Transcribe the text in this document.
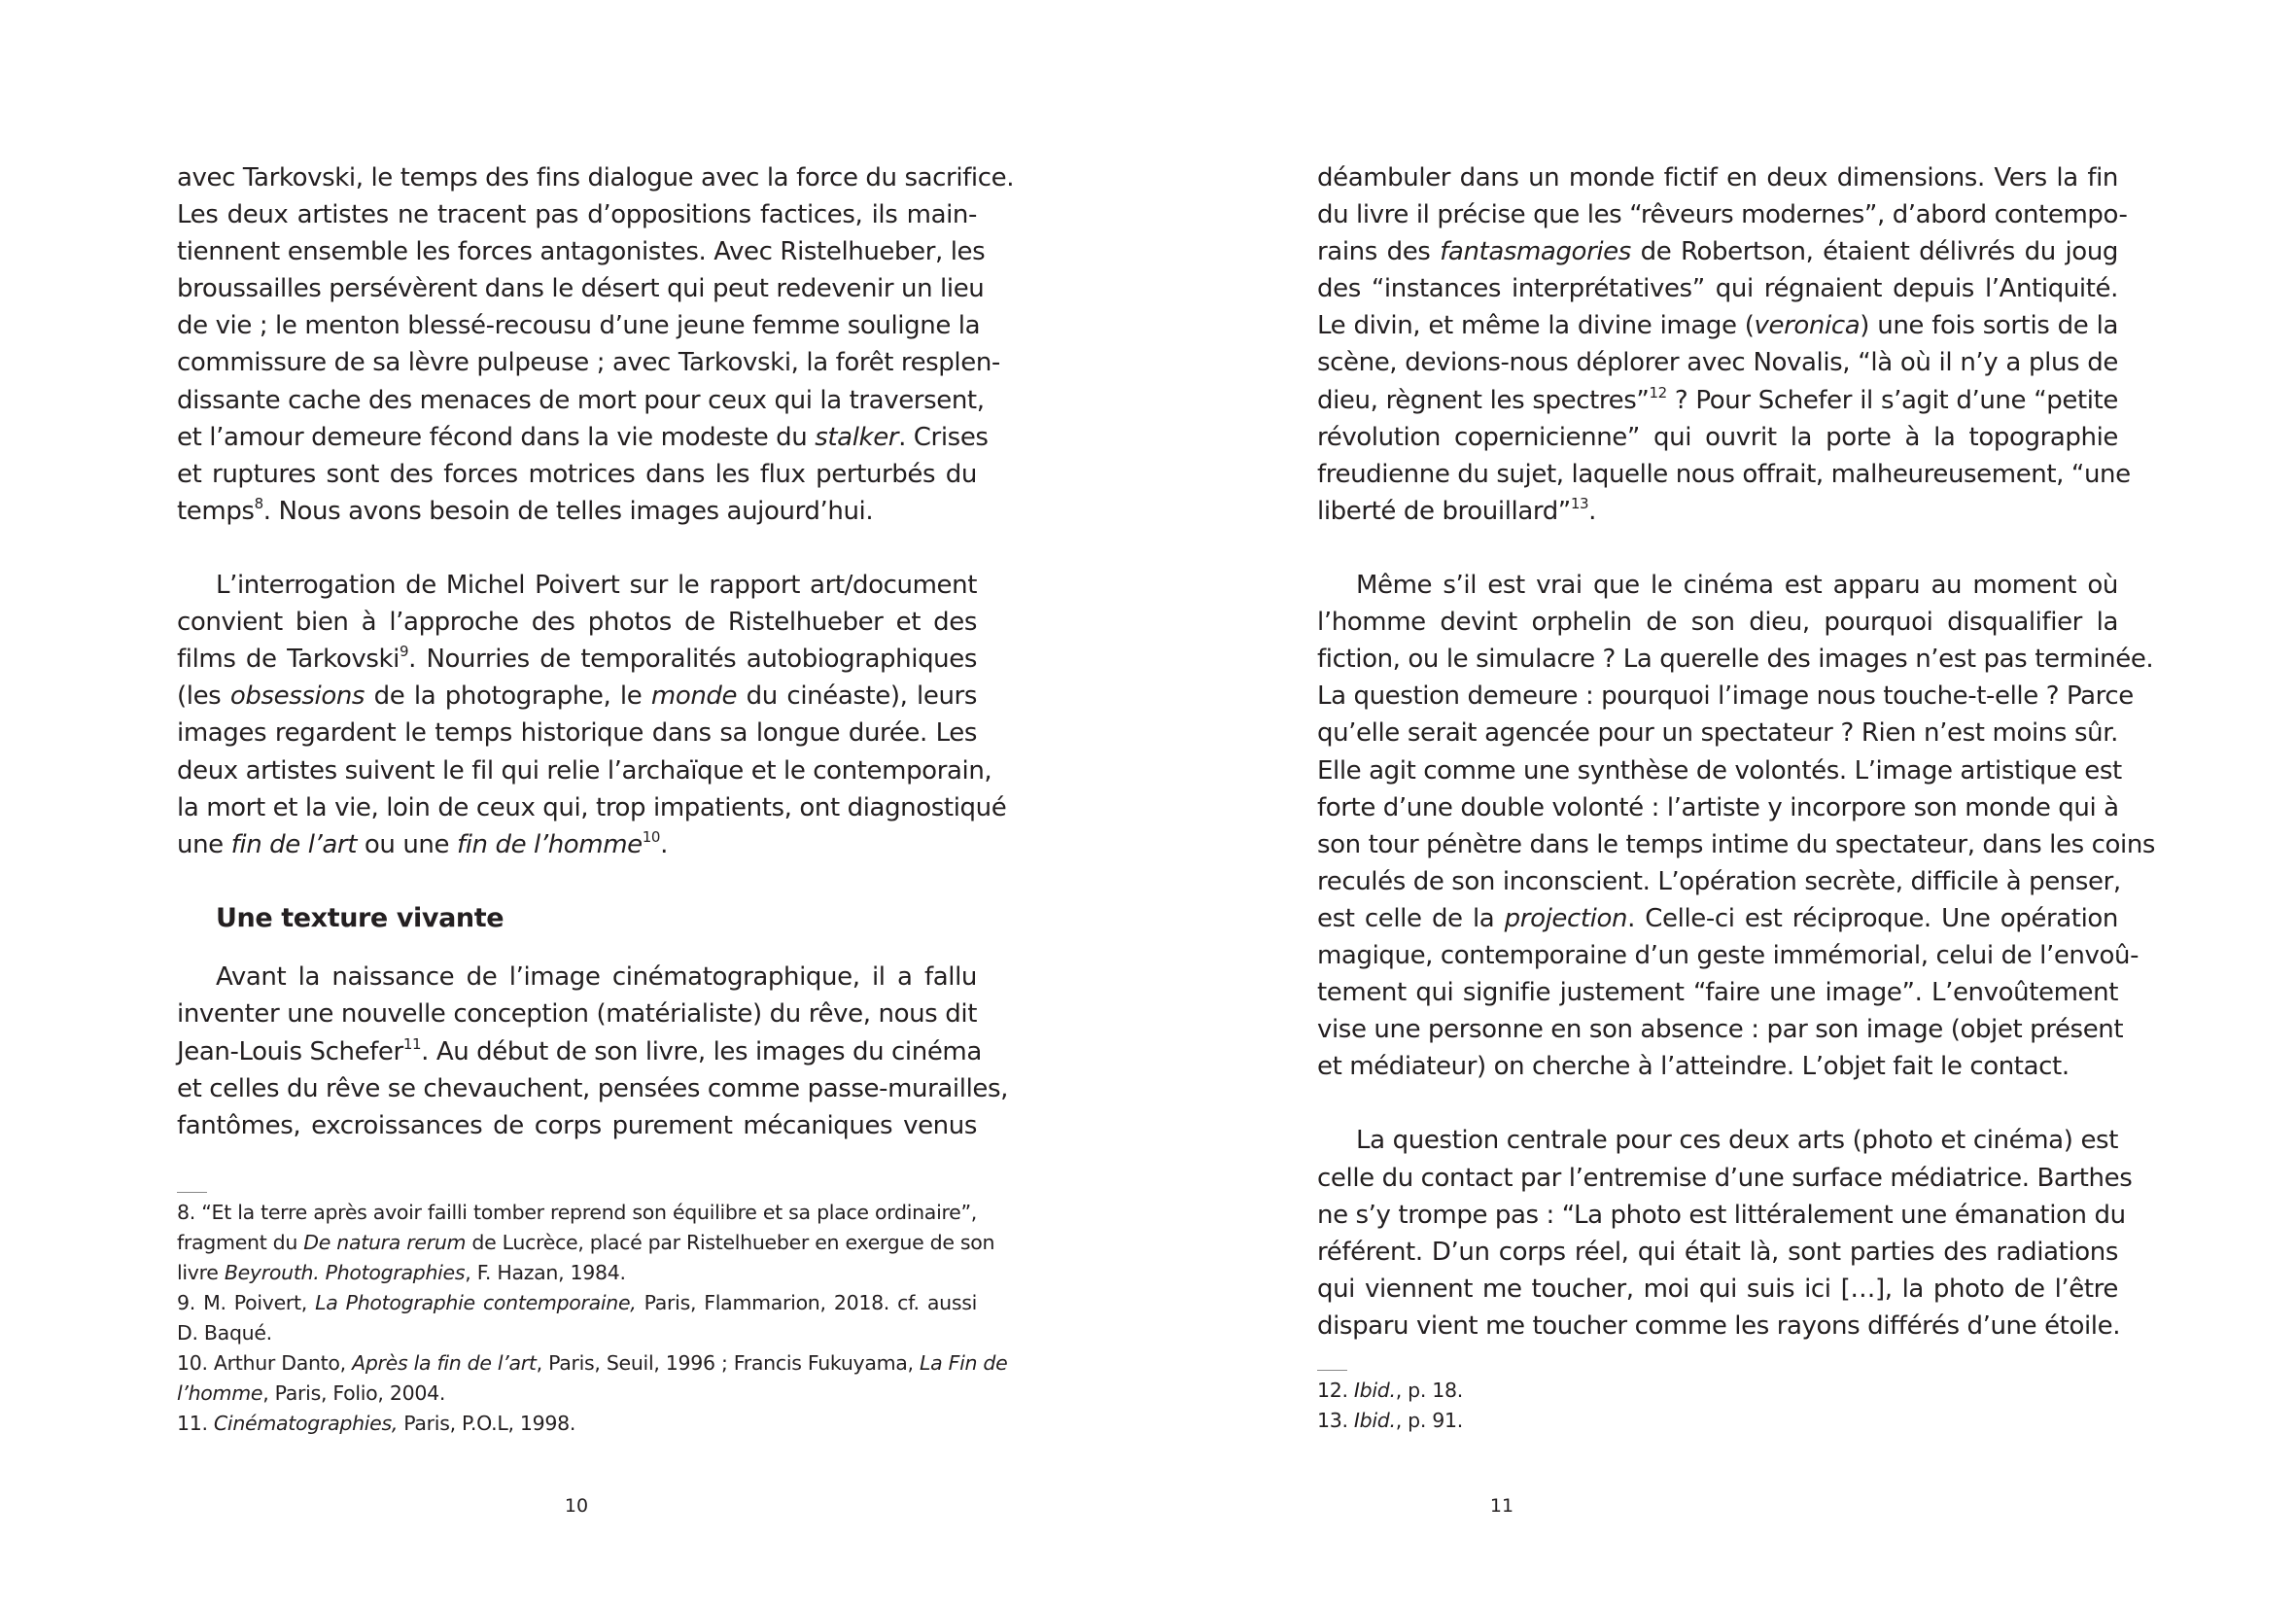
avec Tarkovski, le temps des fins dialogue avec la force du sacrifice.
Les deux artistes ne tracent pas d’oppositions factices, ils main-
tiennent ensemble les forces antagonistes. Avec Ristelhueber, les
broussailles persévèrent dans le désert qui peut redevenir un lieu
de vie ; le menton blessé-recousu d’une jeune femme souligne la
commissure de sa lèvre pulpeuse ; avec Tarkovski, la forêt resplen-
dissante cache des menaces de mort pour ceux qui la traversent,
et l’amour demeure fécond dans la vie modeste du stalker. Crises
et ruptures sont des forces motrices dans les flux perturbés du
temps$^8$. Nous avons besoin de telles images aujourd’hui.

L’interrogation de Michel Poivert sur le rapport art/document
convient bien à l’approche des photos de Ristelhueber et des
films de Tarkovski$^9$. Nourries de temporalités autobiographiques
(les obsessions de la photographe, le monde du cinéaste), leurs
images regardent le temps historique dans sa longue durée. Les
deux artistes suivent le fil qui relie l’archaïque et le contemporain,
la mort et la vie, loin de ceux qui, trop impatients, ont diagnostiqué
une fin de l’art ou une fin de l’homme$^{10}$.

Une texture vivante

Avant la naissance de l’image cinématographique, il a fallu
inventer une nouvelle conception (matérialiste) du rêve, nous dit
Jean-Louis Schefer$^{11}$. Au début de son livre, les images du cinéma
et celles du rêve se chevauchent, pensées comme passe-murailles,
fantômes, excroissances de corps purement mécaniques venus

8. “Et la terre après avoir failli tomber reprend son équilibre et sa place ordinaire”,
fragment du De natura rerum de Lucrèce, placé par Ristelhueber en exergue de son
livre Beyrouth. Photographies, F. Hazan, 1984.
9. M. Poivert, La Photographie contemporaine, Paris, Flammarion, 2018. cf. aussi
D. Baqué.
10. Arthur Danto, Après la fin de l’art, Paris, Seuil, 1996 ; Francis Fukuyama, La Fin de
l’homme, Paris, Folio, 2004.
11. Cinématographies, Paris, P.O.L, 1998.
10

déambuler dans un monde fictif en deux dimensions. Vers la fin
du livre il précise que les “rêveurs modernes”, d’abord contempo-
rains des fantasmagories de Robertson, étaient délivrés du joug
des “instances interprétatives” qui régnaient depuis l’Antiquité.
Le divin, et même la divine image (veronica) une fois sortis de la
scène, devions-nous déplorer avec Novalis, “là où il n’y a plus de
dieu, règnent les spectres”$^{12}$ ? Pour Schefer il s’agit d’une “petite
révolution copernicienne” qui ouvrit la porte à la topographie
freudienne du sujet, laquelle nous offrait, malheureusement, “une
liberté de brouillard”$^{13}$.

Même s’il est vrai que le cinéma est apparu au moment où
l’homme devint orphelin de son dieu, pourquoi disqualifier la
fiction, ou le simulacre ? La querelle des images n’est pas terminée.
La question demeure : pourquoi l’image nous touche-t-elle ? Parce
qu’elle serait agencée pour un spectateur ? Rien n’est moins sûr.
Elle agit comme une synthèse de volontés. L’image artistique est
forte d’une double volonté : l’artiste y incorpore son monde qui à
son tour pénètre dans le temps intime du spectateur, dans les coins
reculés de son inconscient. L’opération secrète, difficile à penser,
est celle de la projection. Celle-ci est réciproque. Une opération
magique, contemporaine d’un geste immémorial, celui de l’envoû-
tement qui signifie justement “faire une image”. L’envoûtement
vise une personne en son absence : par son image (objet présent
et médiateur) on cherche à l’atteindre. L’objet fait le contact.

La question centrale pour ces deux arts (photo et cinéma) est
celle du contact par l’entremise d’une surface médiatrice. Barthes
ne s’y trompe pas : “La photo est littéralement une émanation du
référent. D’un corps réel, qui était là, sont parties des radiations
qui viennent me toucher, moi qui suis ici […], la photo de l’être
disparu vient me toucher comme les rayons différés d’une étoile.

12. Ibid., p. 18.
13. Ibid., p. 91.
11
